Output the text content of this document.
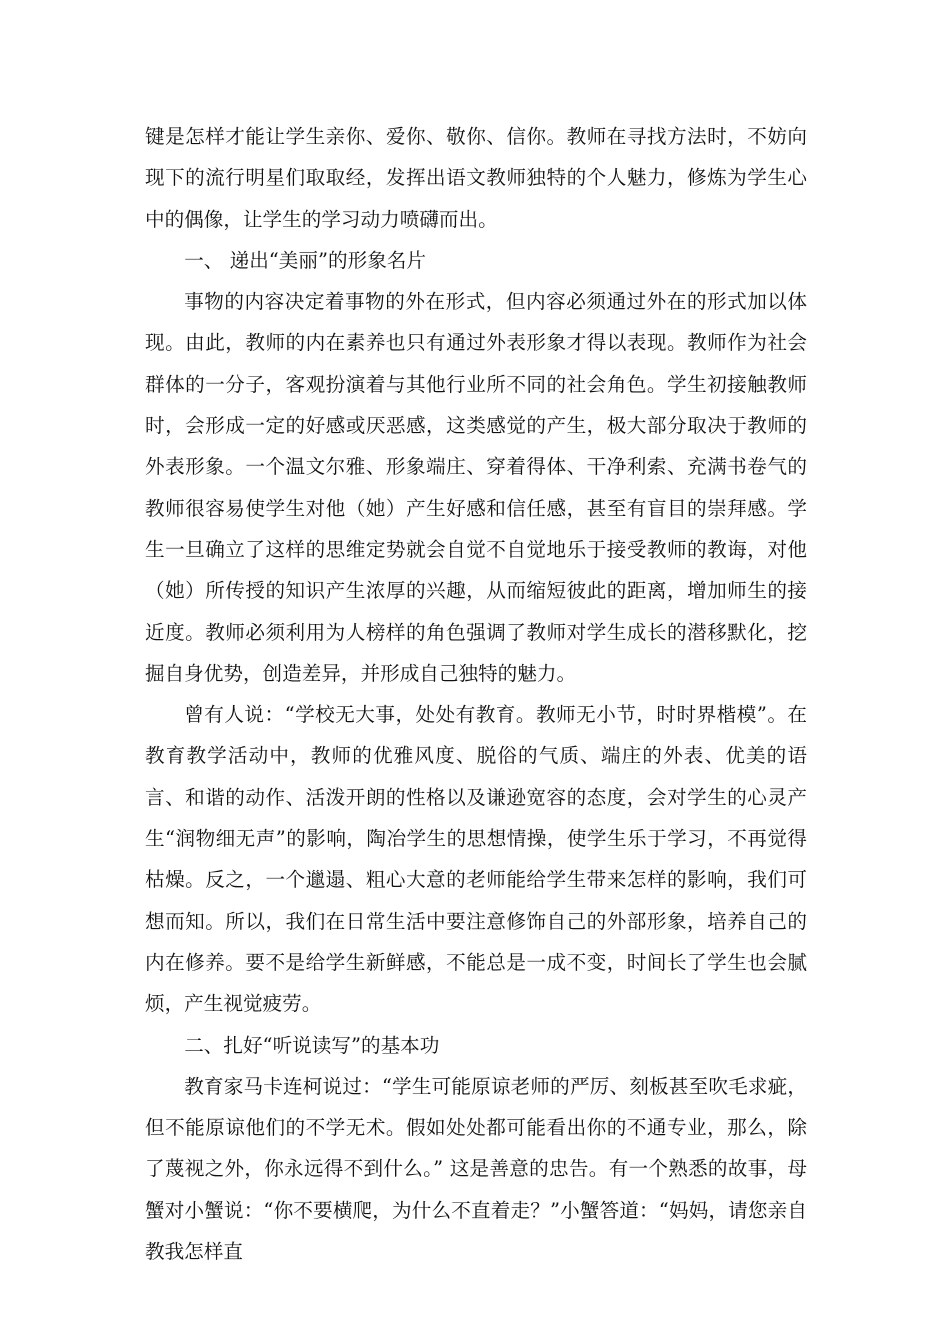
键是怎样才能让学生亲你、爱你、敬你、信你。教师在寻找方法时，不妨向现下的流行明星们取取经，发挥出语文教师独特的个人魅力，修炼为学生心中的偶像，让学生的学习动力喷礴而出。

一、 递出“美丽”的形象名片

事物的内容决定着事物的外在形式，但内容必须通过外在的形式加以体现。由此，教师的内在素养也只有通过外表形象才得以表现。教师作为社会群体的一分子，客观扮演着与其他行业所不同的社会角色。学生初接触教师时，会形成一定的好感或厌恶感，这类感觉的产生，极大部分取决于教师的外表形象。一个温文尔雅、形象端庄、穿着得体、干净利索、充满书卷气的教师很容易使学生对他（她）产生好感和信任感，甚至有盲目的崇拜感。学生一旦确立了这样的思维定势就会自觉不自觉地乐于接受教师的教诲，对他（她）所传授的知识产生浓厚的兴趣，从而缩短彼此的距离，增加师生的接近度。教师必须利用为人榜样的角色强调了教师对学生成长的潜移默化，挖掘自身优势，创造差异，并形成自己独特的魅力。

曾有人说：“学校无大事，处处有教育。教师无小节，时时界楷模”。在教育教学活动中，教师的优雅风度、脱俗的气质、端庄的外表、优美的语言、和谐的动作、活泼开朗的性格以及谦逊宽容的态度，会对学生的心灵产生“润物细无声”的影响，陶冶学生的思想情操，使学生乐于学习，不再觉得枯燥。反之，一个邋遢、粗心大意的老师能给学生带来怎样的影响，我们可想而知。所以，我们在日常生活中要注意修饰自己的外部形象，培养自己的内在修养。要不是给学生新鲜感，不能总是一成不变，时间长了学生也会腻烦，产生视觉疲劳。

二、扎好“听说读写”的基本功

教育家马卡连柯说过：“学生可能原谅老师的严厉、刻板甚至吹毛求疵，但不能原谅他们的不学无术。假如处处都可能看出你的不通专业，那么，除了蔑视之外，你永远得不到什么。” 这是善意的忠告。有一个熟悉的故事，母蟹对小蟹说：“你不要横爬，为什么不直着走？”小蟹答道：“妈妈，请您亲自教我怎样直
